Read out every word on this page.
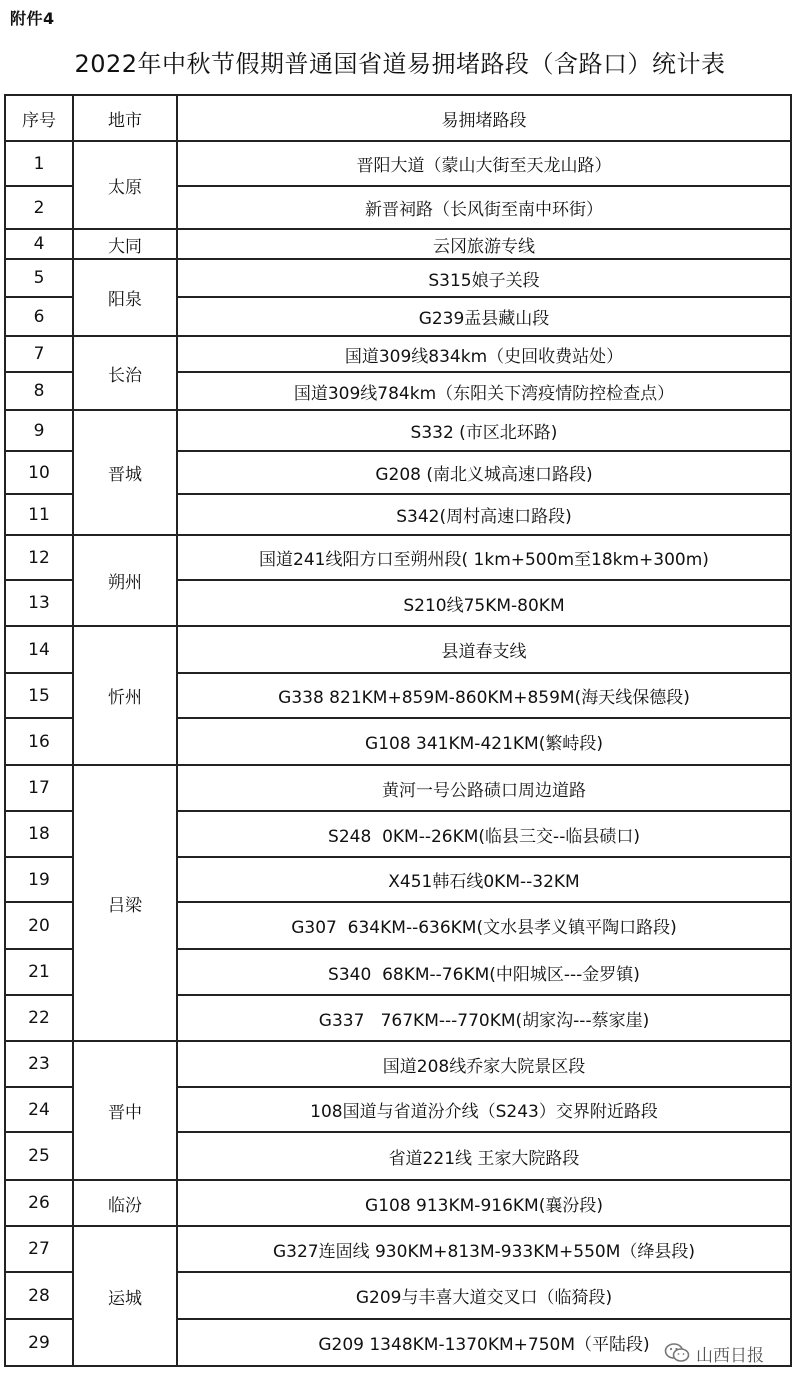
附件4
2022年中秋节假期普通国省道易拥堵路段（含路口）统计表
序号	地市	易拥堵路段
1	太原	晋阳大道（蒙山大街至天龙山路）
2		新晋祠路（长风街至南中环街）
4	大同	云冈旅游专线
5	阳泉	S315娘子关段
6		G239盂县藏山段
7	长治	国道309线834km（史回收费站处）
8		国道309线784km（东阳关下湾疫情防控检查点）
9	晋城	S332 (市区北环路)
10		G208 (南北义城高速口路段)
11		S342(周村高速口路段)
12	朔州	国道241线阳方口至朔州段( 1km+500m至18km+300m)
13		S210线75KM-80KM
14	忻州	县道春支线
15		G338 821KM+859M-860KM+859M(海天线保德段)
16		G108 341KM-421KM(繁峙段)
17	吕梁	黄河一号公路碛口周边道路
18		S248  0KM--26KM(临县三交--临县碛口)
19		X451韩石线0KM--32KM
20		G307  634KM--636KM(文水县孝义镇平陶口路段)
21		S340  68KM--76KM(中阳城区---金罗镇)
22		G337   767KM---770KM(胡家沟---蔡家崖)
23	晋中	国道208线乔家大院景区段
24		108国道与省道汾介线（S243）交界附近路段
25		省道221线 王家大院路段
26	临汾	G108 913KM-916KM(襄汾段)
27	运城	G327连固线 930KM+813M-933KM+550M（绛县段)
28		G209与丰喜大道交叉口（临猗段)
29		G209 1348KM-1370KM+750M（平陆段)
山西日报
